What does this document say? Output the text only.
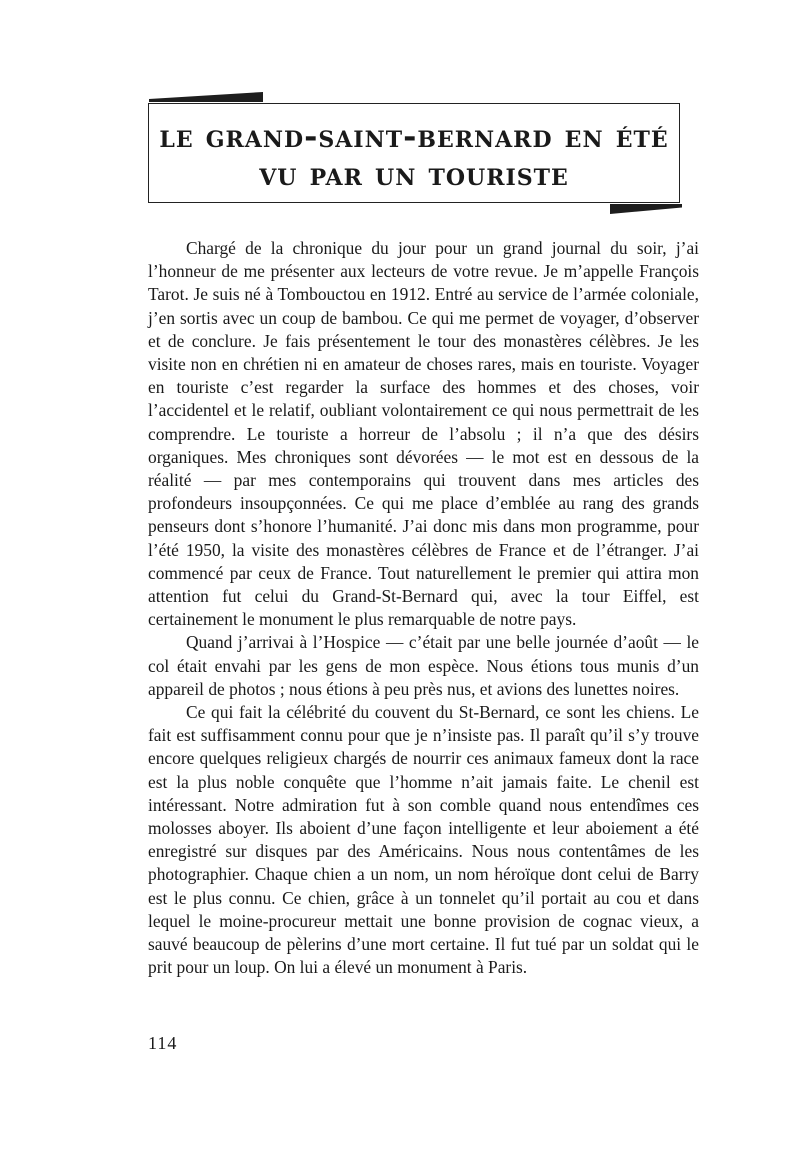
le grand-saint-bernard en été
vu par un touriste

Chargé de la chronique du jour pour un grand journal du soir, j’ai l’honneur de me présenter aux lecteurs de votre revue. Je m’appelle François Tarot. Je suis né à Tombouctou en 1912. Entré au service de l’armée coloniale, j’en sortis avec un coup de bambou. Ce qui me permet de voyager, d’observer et de conclure. Je fais présentement le tour des monastères célèbres. Je les visite non en chrétien ni en amateur de choses rares, mais en touriste. Voyager en touriste c’est regarder la surface des hommes et des choses, voir l’accidentel et le relatif, oubliant volontairement ce qui nous permettrait de les comprendre. Le touriste a horreur de l’absolu ; il n’a que des désirs organiques. Mes chroniques sont dévorées — le mot est en dessous de la réalité — par mes contemporains qui trouvent dans mes articles des profondeurs insoupçonnées. Ce qui me place d’emblée au rang des grands penseurs dont s’honore l’humanité. J’ai donc mis dans mon programme, pour l’été 1950, la visite des monastères célèbres de France et de l’étranger. J’ai commencé par ceux de France. Tout naturellement le premier qui attira mon attention fut celui du Grand-St-Bernard qui, avec la tour Eiffel, est certainement le monument le plus remarquable de notre pays.

Quand j’arrivai à l’Hospice — c’était par une belle journée d’août — le col était envahi par les gens de mon espèce. Nous étions tous munis d’un appareil de photos ; nous étions à peu près nus, et avions des lunettes noires.

Ce qui fait la célébrité du couvent du St-Bernard, ce sont les chiens. Le fait est suffisamment connu pour que je n’insiste pas. Il paraît qu’il s’y trouve encore quelques religieux chargés de nourrir ces animaux fameux dont la race est la plus noble conquête que l’homme n’ait jamais faite. Le chenil est intéressant. Notre admiration fut à son comble quand nous entendîmes ces molosses aboyer. Ils aboient d’une façon intelligente et leur aboiement a été enregistré sur disques par des Américains. Nous nous contentâmes de les photographier. Chaque chien a un nom, un nom héroïque dont celui de Barry est le plus connu. Ce chien, grâce à un tonnelet qu’il portait au cou et dans lequel le moine-procureur mettait une bonne provision de cognac vieux, a sauvé beaucoup de pèlerins d’une mort certaine. Il fut tué par un soldat qui le prit pour un loup. On lui a élevé un monument à Paris.

114
